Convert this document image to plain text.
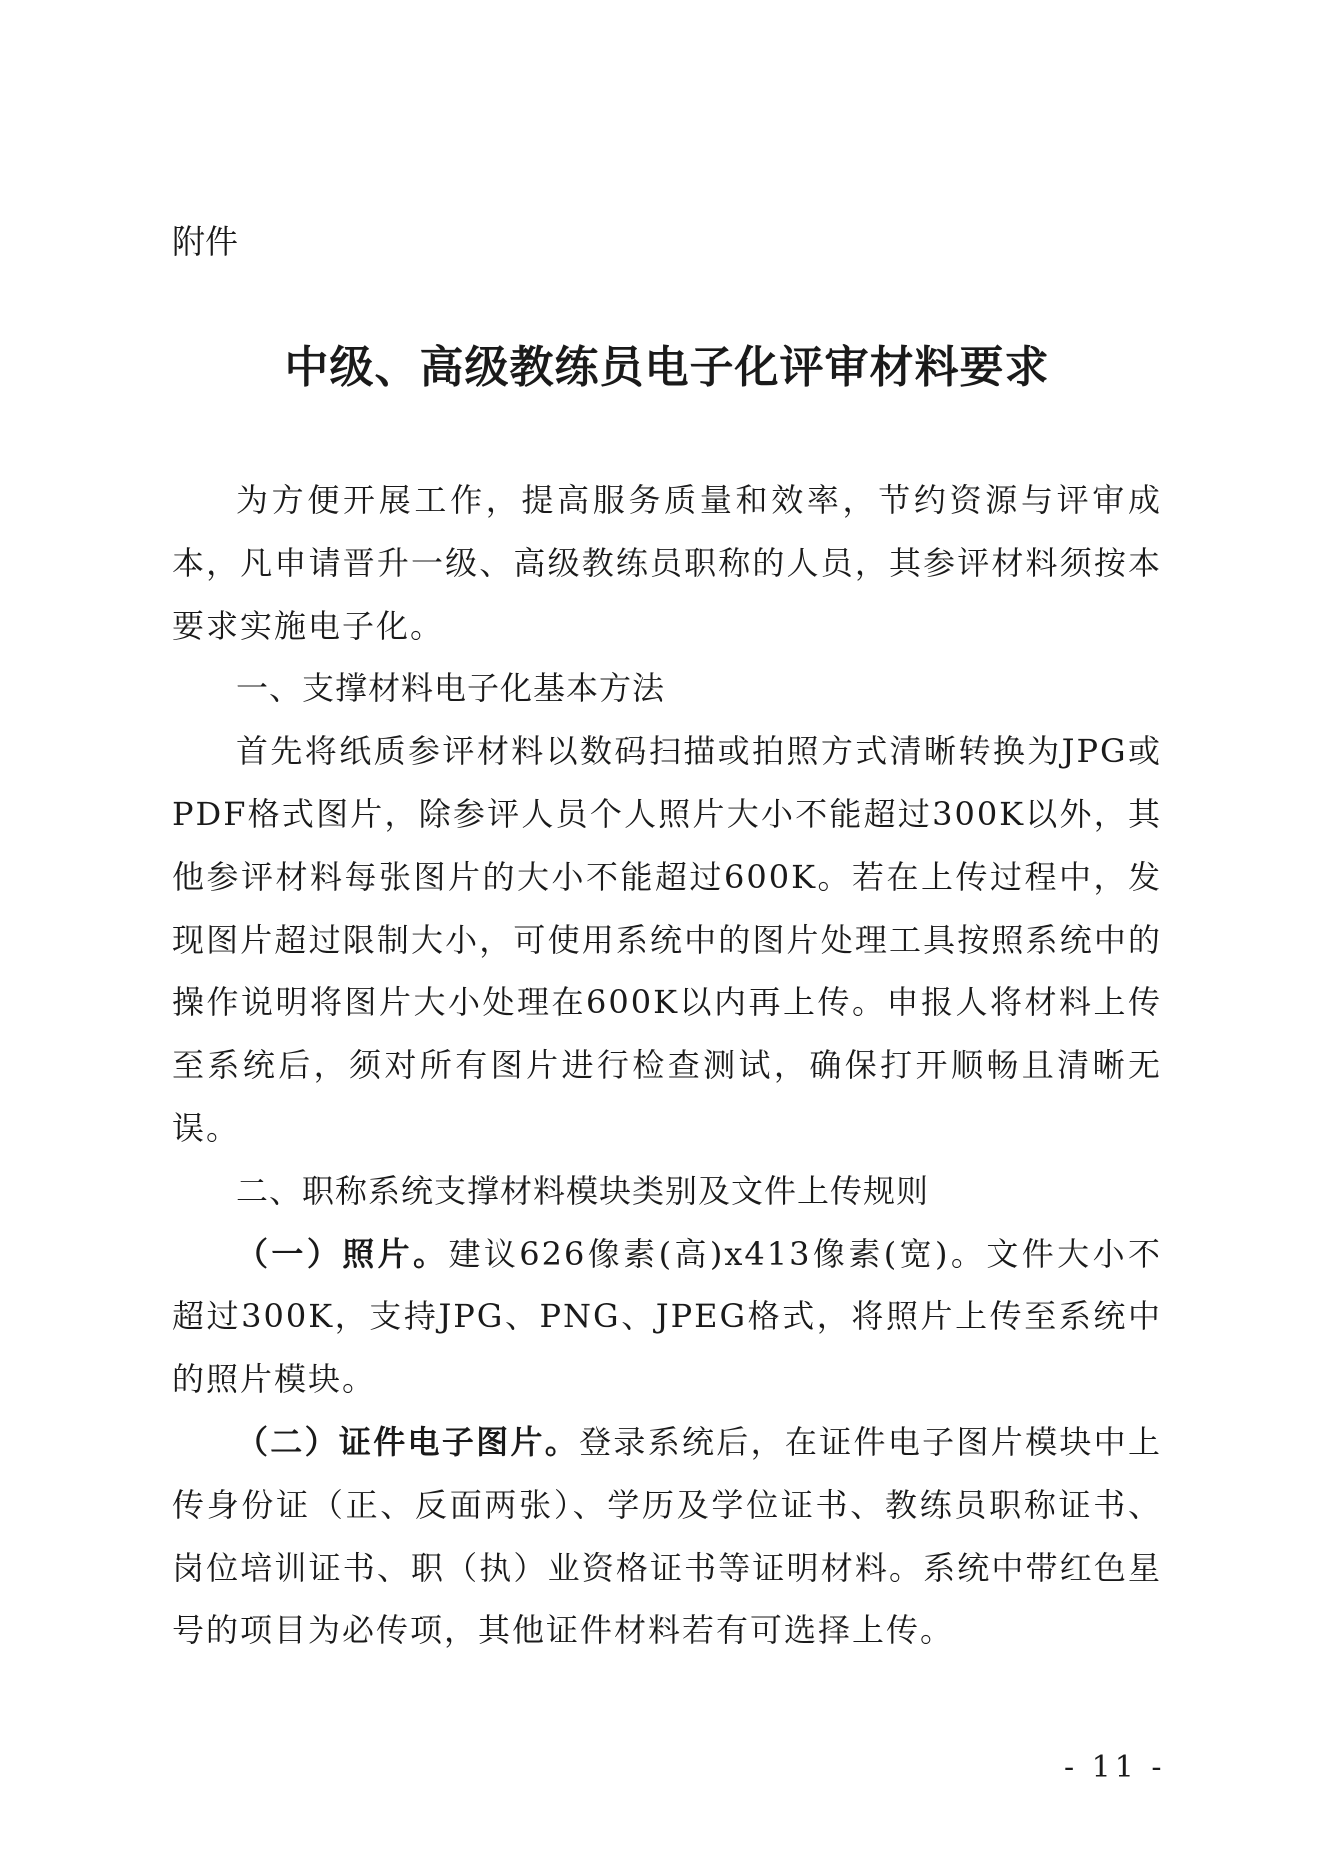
附件
中级、高级教练员电子化评审材料要求

为方便开展工作，提高服务质量和效率，节约资源与评审成本，凡申请晋升一级、高级教练员职称的人员，其参评材料须按本要求实施电子化。

一、支撑材料电子化基本方法

首先将纸质参评材料以数码扫描或拍照方式清晰转换为JPG或PDF格式图片，除参评人员个人照片大小不能超过300K以外，其他参评材料每张图片的大小不能超过600K。若在上传过程中，发现图片超过限制大小，可使用系统中的图片处理工具按照系统中的操作说明将图片大小处理在600K以内再上传。申报人将材料上传至系统后，须对所有图片进行检查测试，确保打开顺畅且清晰无误。

二、职称系统支撑材料模块类别及文件上传规则

（一）照片。建议626像素(高)x413像素(宽)。文件大小不超过300K，支持JPG、PNG、JPEG格式，将照片上传至系统中的照片模块。

（二）证件电子图片。登录系统后，在证件电子图片模块中上传身份证（正、反面两张）、学历及学位证书、教练员职称证书、岗位培训证书、职（执）业资格证书等证明材料。系统中带红色星号的项目为必传项，其他证件材料若有可选择上传。

- 11 -
